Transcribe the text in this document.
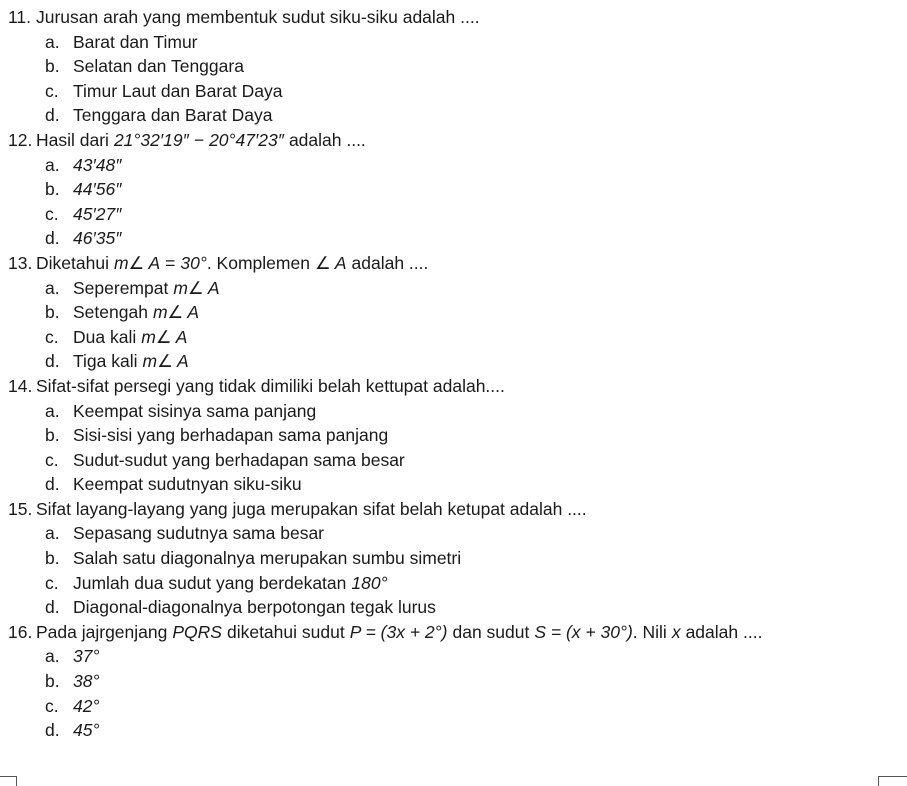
11. Jurusan arah yang membentuk sudut siku-siku adalah ....
a. Barat dan Timur
b. Selatan dan Tenggara
c. Timur Laut dan Barat Daya
d. Tenggara dan Barat Daya
12. Hasil dari 21°32′19″ − 20°47′23″ adalah ....
a. 43′48″
b. 44′56″
c. 45′27″
d. 46′35″
13. Diketahui m∠ A = 30° . Komplemen ∠ A adalah ....
a. Seperempat m∠ A
b. Setengah m∠ A
c. Dua kali m∠ A
d. Tiga kali m∠ A
14. Sifat-sifat persegi yang tidak dimiliki belah kettupat adalah....
a. Keempat sisinya sama panjang
b. Sisi-sisi yang berhadapan sama panjang
c. Sudut-sudut yang berhadapan sama besar
d. Keempat sudutnyan siku-siku
15. Sifat layang-layang yang juga merupakan sifat belah ketupat adalah ....
a. Sepasang sudutnya sama besar
b. Salah satu diagonalnya merupakan sumbu simetri
c. Jumlah dua sudut yang berdekatan 180°
d. Diagonal-diagonalnya berpotongan tegak lurus
16. Pada jajrgenjang PQRS diketahui sudut P = (3x + 2°) dan sudut S = (x + 30°) . Nili x adalah ....
a. 37°
b. 38°
c. 42°
d. 45°
